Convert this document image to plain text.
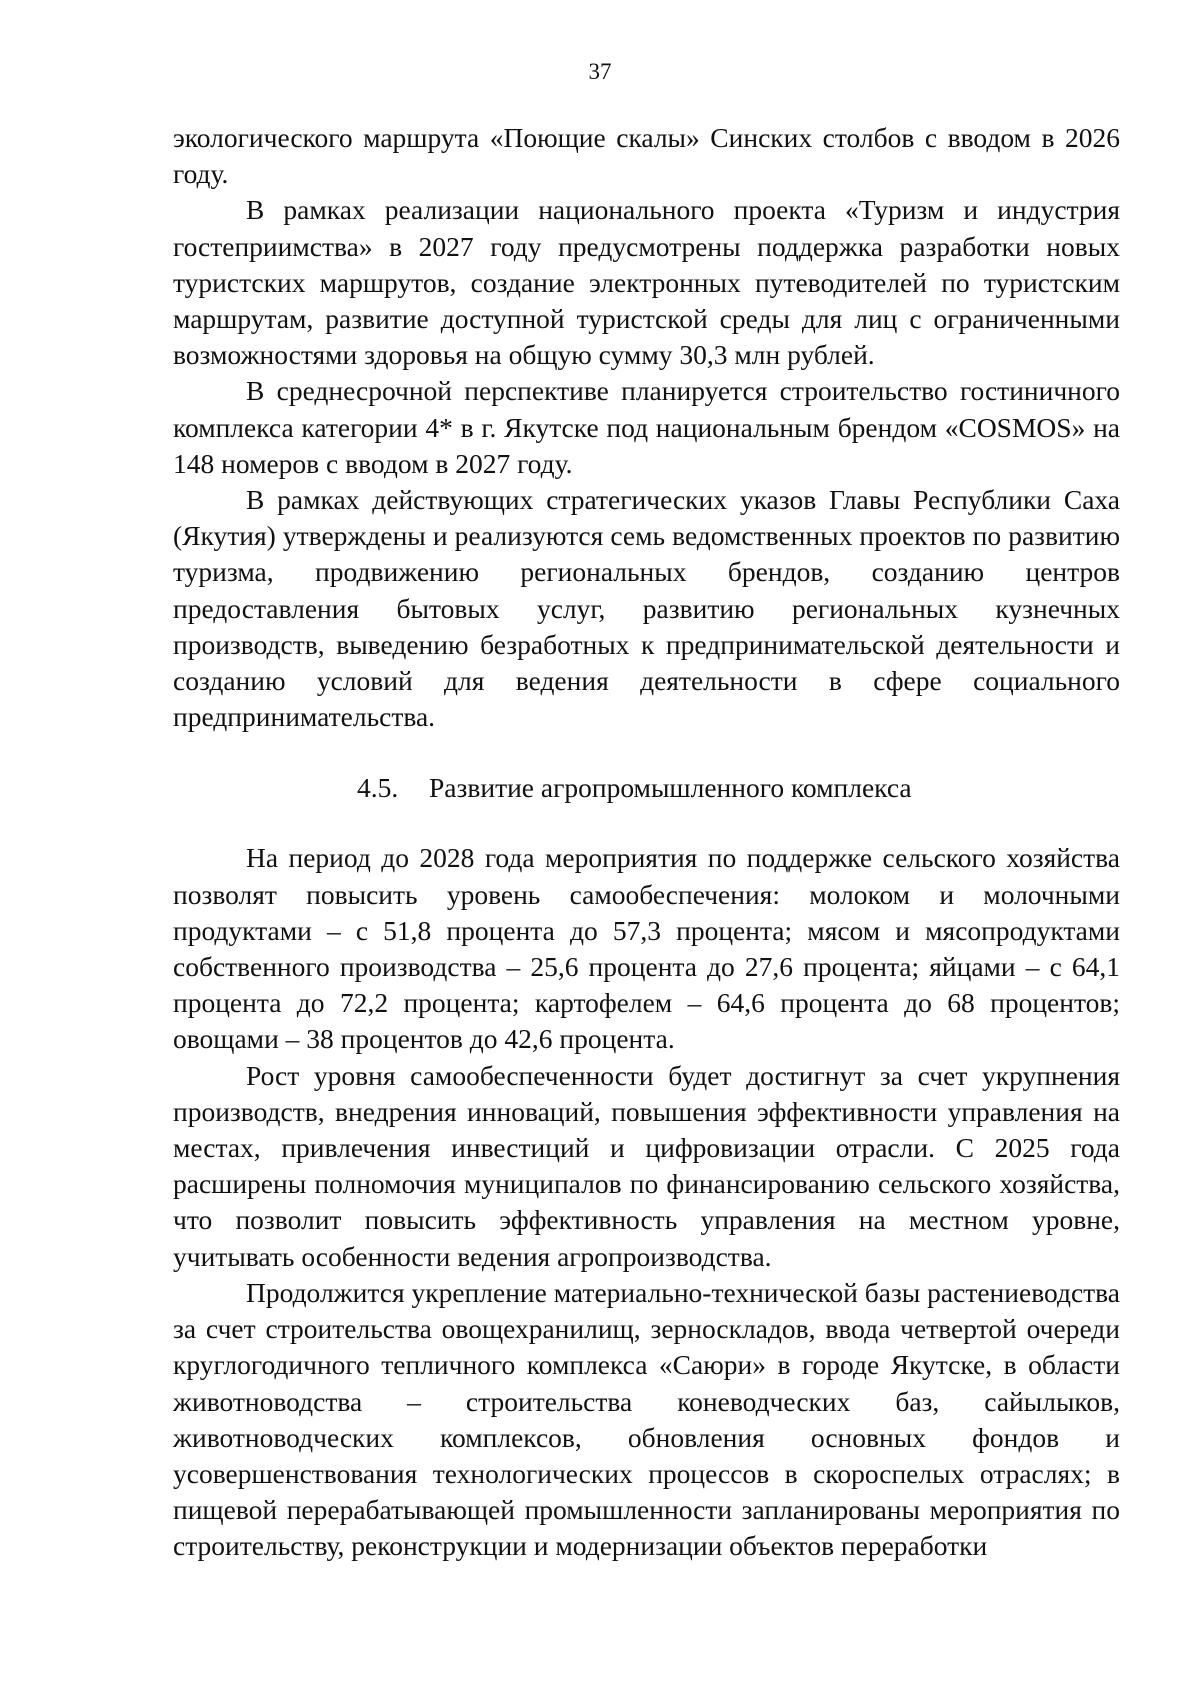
37

экологического маршрута «Поющие скалы» Синских столбов с вводом в 2026 году.

В рамках реализации национального проекта «Туризм и индустрия гостеприимства» в 2027 году предусмотрены поддержка разработки новых туристских маршрутов, создание электронных путеводителей по туристским маршрутам, развитие доступной туристской среды для лиц с ограниченными возможностями здоровья на общую сумму 30,3 млн рублей.

В среднесрочной перспективе планируется строительство гостиничного комплекса категории 4* в г. Якутске под национальным брендом «COSMOS» на 148 номеров с вводом в 2027 году.

В рамках действующих стратегических указов Главы Республики Саха (Якутия) утверждены и реализуются семь ведомственных проектов по развитию туризма, продвижению региональных брендов, созданию центров предоставления бытовых услуг, развитию региональных кузнечных производств, выведению безработных к предпринимательской деятельности и созданию условий для ведения деятельности в сфере социального предпринимательства.

4.5. Развитие агропромышленного комплекса

На период до 2028 года мероприятия по поддержке сельского хозяйства позволят повысить уровень самообеспечения: молоком и молочными продуктами – с 51,8 процента до 57,3 процента; мясом и мясопродуктами собственного производства – 25,6 процента до 27,6 процента; яйцами – с 64,1 процента до 72,2 процента; картофелем – 64,6 процента до 68 процентов; овощами – 38 процентов до 42,6 процента.

Рост уровня самообеспеченности будет достигнут за счет укрупнения производств, внедрения инноваций, повышения эффективности управления на местах, привлечения инвестиций и цифровизации отрасли. С 2025 года расширены полномочия муниципалов по финансированию сельского хозяйства, что позволит повысить эффективность управления на местном уровне, учитывать особенности ведения агропроизводства.

Продолжится укрепление материально-технической базы растениеводства за счет строительства овощехранилищ, зерноскладов, ввода четвертой очереди круглогодичного тепличного комплекса «Саюри» в городе Якутске, в области животноводства – строительства коневодческих баз, сайылыков, животноводческих комплексов, обновления основных фондов и усовершенствования технологических процессов в скороспелых отраслях; в пищевой перерабатывающей промышленности запланированы мероприятия по строительству, реконструкции и модернизации объектов переработки
